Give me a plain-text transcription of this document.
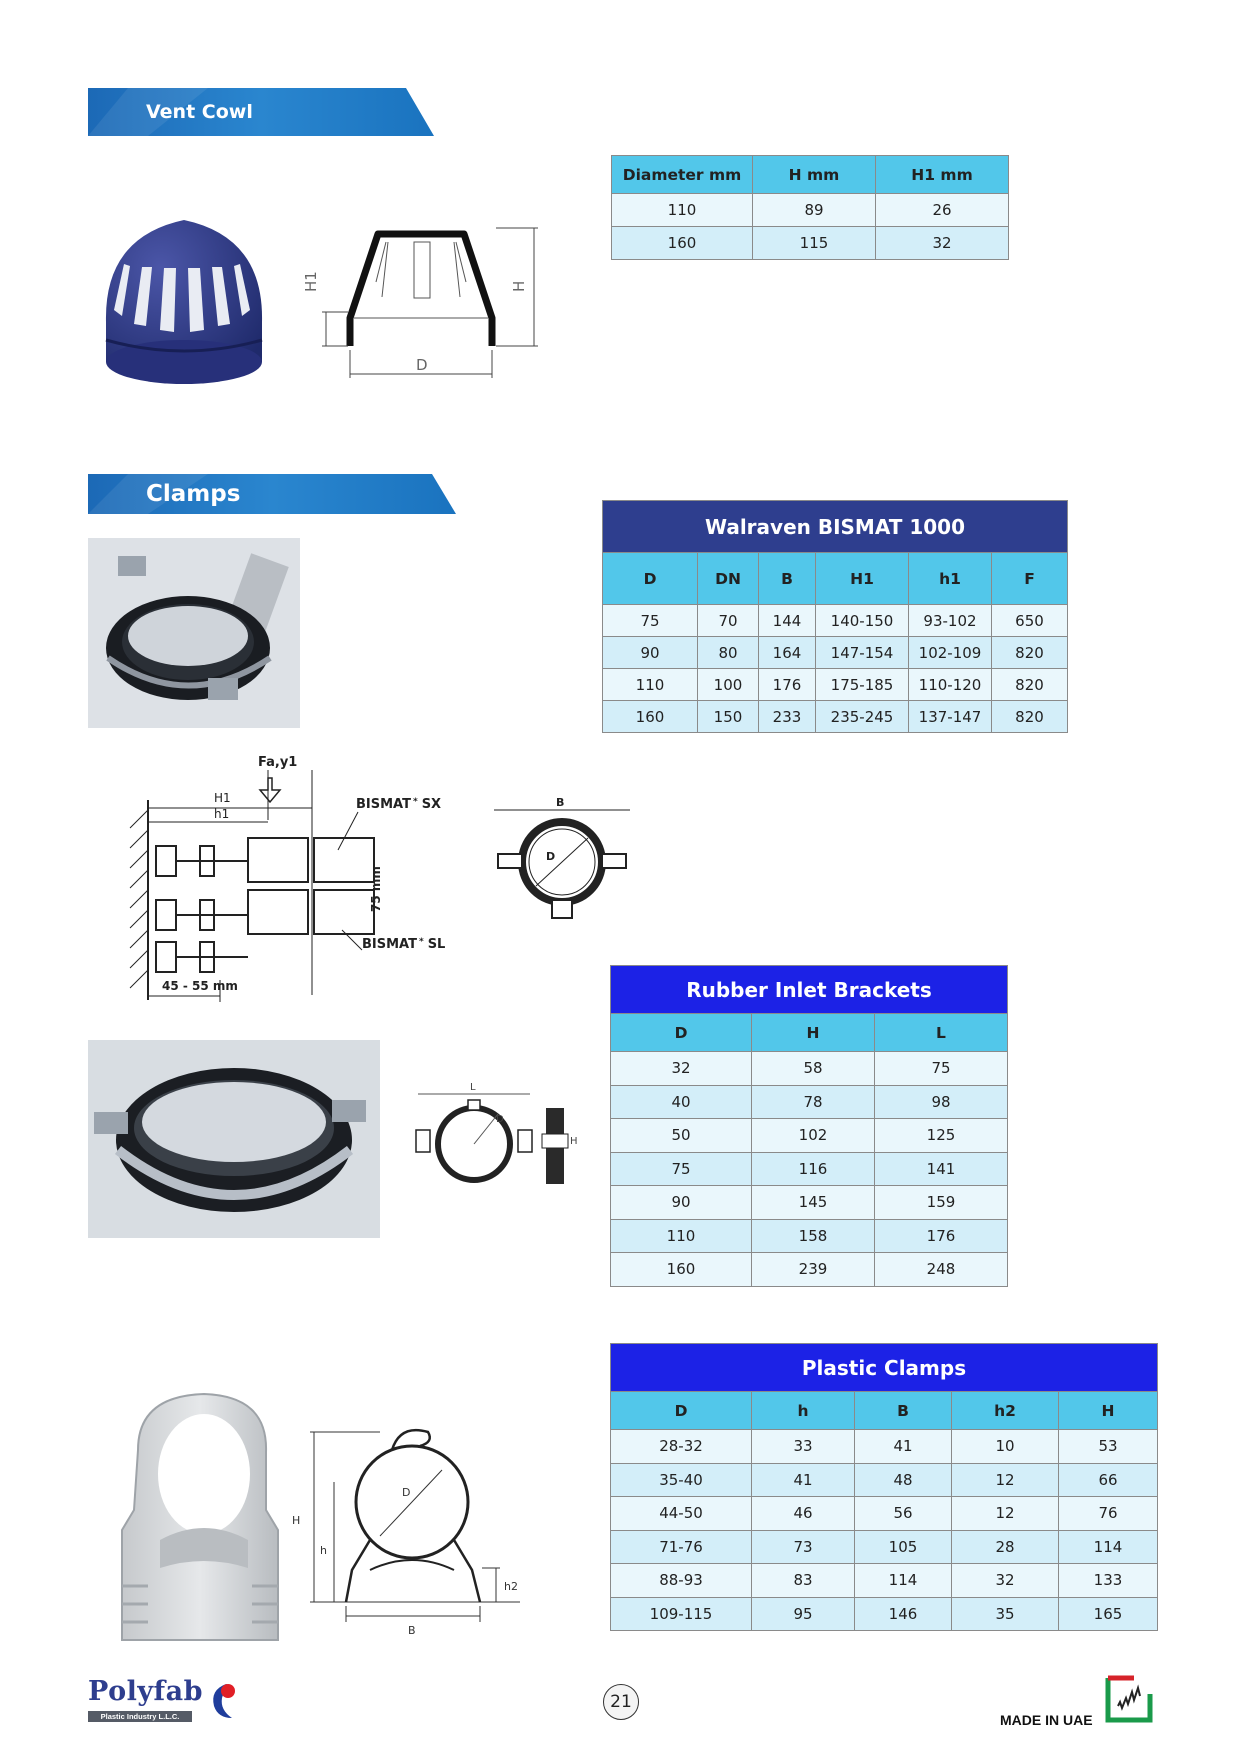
Vent Cowl
H1	H
D
Diameter mm	H mm	H1 mm
110	89	26
160	115	32
Clamps
Walraven BISMAT 1000					
D	DN	B	H1	h1	F
75	70	144	140-150	93-102	650
90	80	164	147-154	102-109	820
110	100	176	175-185	110-120	820
160	150	233	235-245	137-147	820
Fa,y1
H1
h1
BISMAT * SX
BISMAT * SL
75 mm
45 - 55 mm
B
D
L
D
H
Rubber Inlet Brackets		
D	H	L
32	58	75
40	78	98
50	102	125
75	116	141
90	145	159
110	158	176
160	239	248
H
h
h2
B
D
Plastic Clamps				
D	h	B	h2	H
28-32	33	41	10	53
35-40	41	48	12	66
44-50	46	56	12	76
71-76	73	105	28	114
88-93	83	114	32	133
109-115	95	146	35	165
Polyfab
Plastic Industry L.L.C.
21
MADE IN UAE
